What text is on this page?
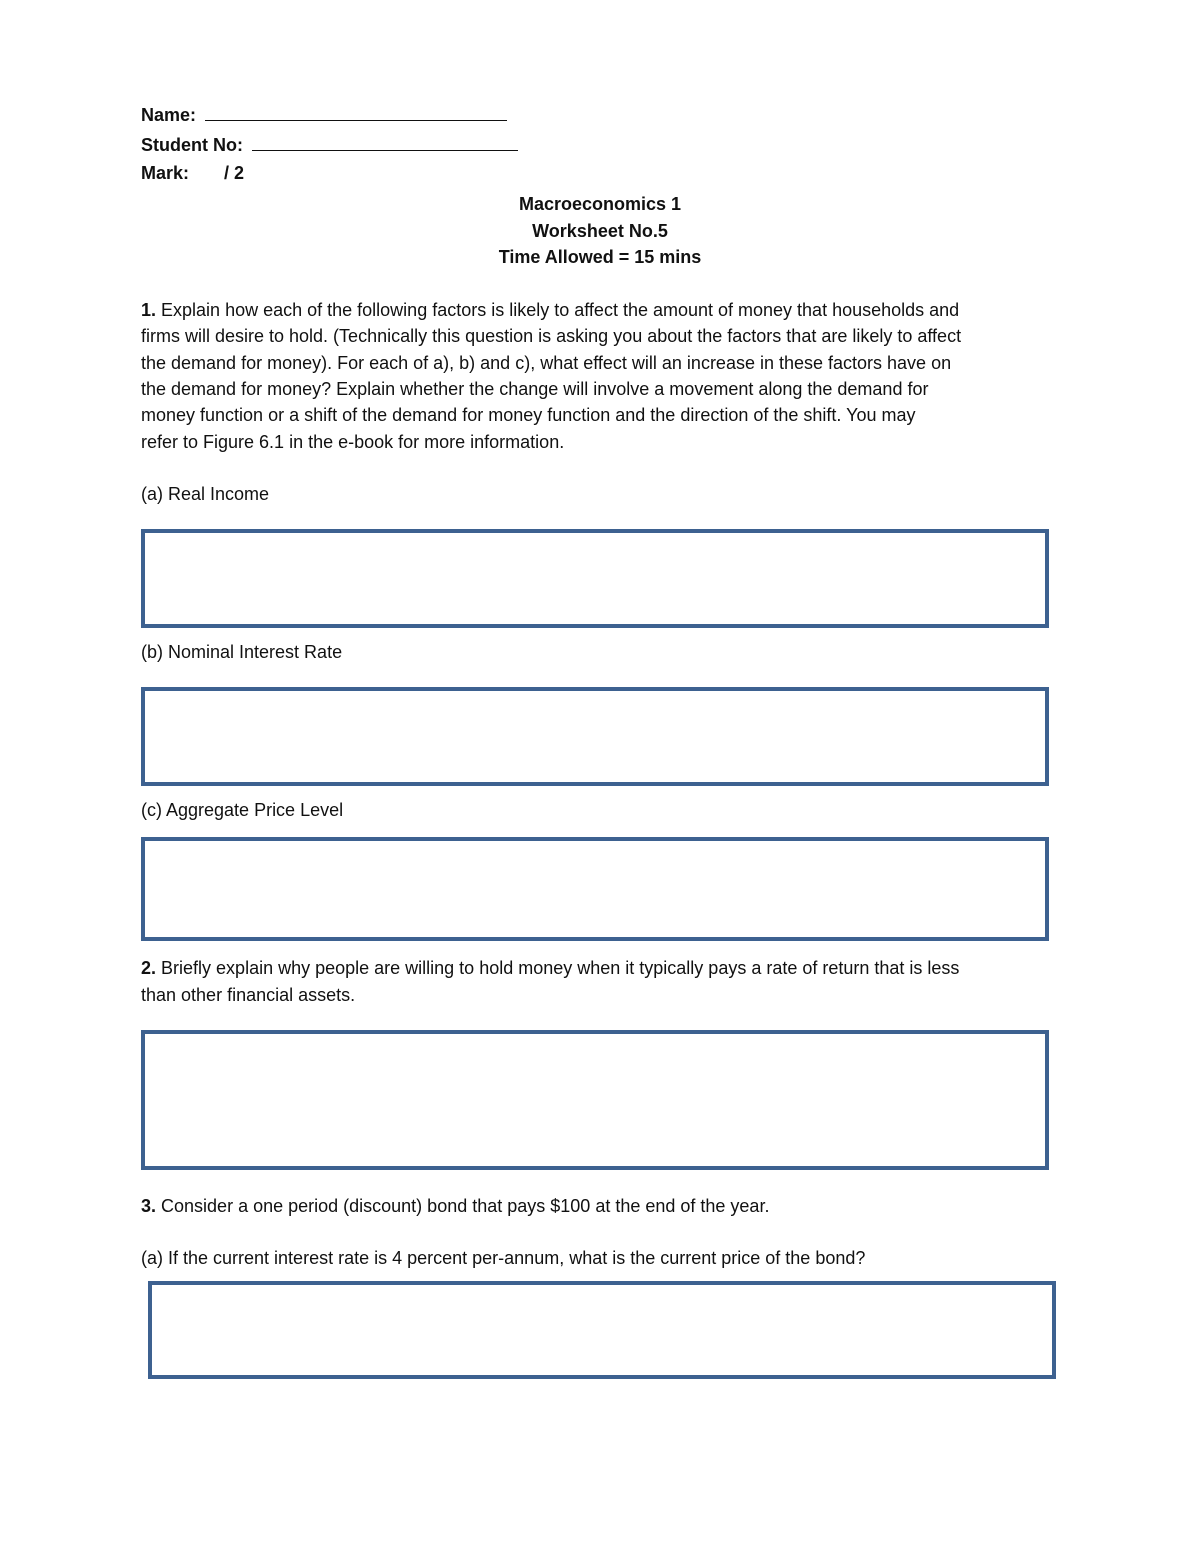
Name:
Student No:
Mark: / 2
Macroeconomics 1
Worksheet No.5
Time Allowed = 15 mins
1. Explain how each of the following factors is likely to affect the amount of money that households and
firms will desire to hold. (Technically this question is asking you about the factors that are likely to affect
the demand for money). For each of a), b) and c), what effect will an increase in these factors have on
the demand for money? Explain whether the change will involve a movement along the demand for
money function or a shift of the demand for money function and the direction of the shift. You may
refer to Figure 6.1 in the e-book for more information.
(a) Real Income
(b) Nominal Interest Rate
(c) Aggregate Price Level
2. Briefly explain why people are willing to hold money when it typically pays a rate of return that is less
than other financial assets.
3. Consider a one period (discount) bond that pays $100 at the end of the year.
(a) If the current interest rate is 4 percent per-annum, what is the current price of the bond?
